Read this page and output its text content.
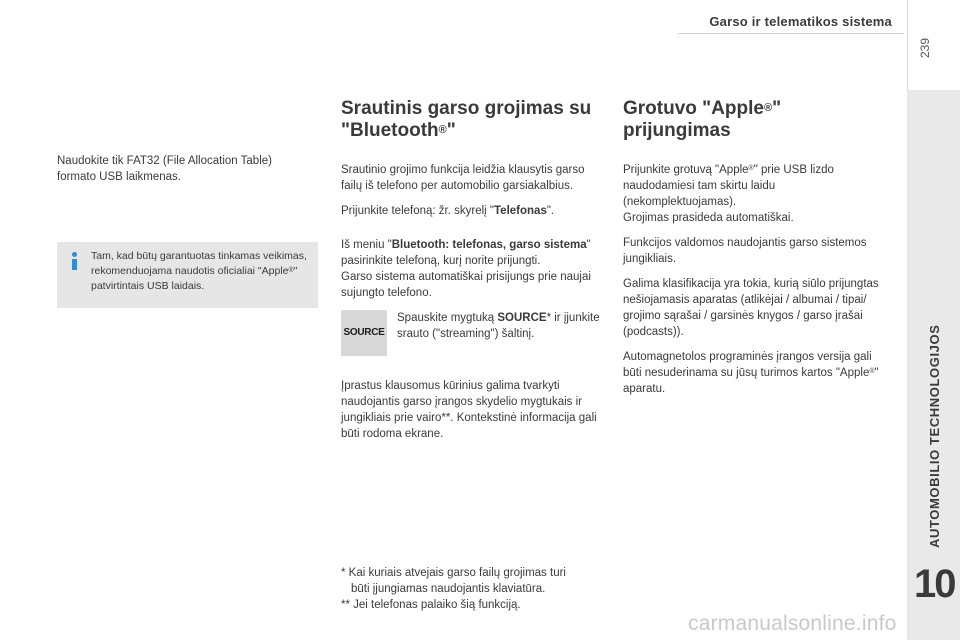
Garso ir telematikos sistema
239
AUTOMOBILIO TECHNOLOGIJOS
10

Naudokite tik FAT32 (File Allocation Table) formato USB laikmenas.

Tam, kad būtų garantuotas tinkamas veikimas, rekomenduojama naudotis oficialiai "Apple®" patvirtintais USB laidais.
Srautinis garso grojimas su
"Bluetooth®"

Srautinio grojimo funkcija leidžia klausytis garso failų iš telefono per automobilio garsiakalbius.

Prijunkite telefoną: žr. skyrelį "Telefonas".

Iš meniu "Bluetooth: telefonas, garso sistema" pasirinkite telefoną, kurį norite prijungti.

Garso sistema automatiškai prisijungs prie naujai sujungto telefono.

SOURCE
Spauskite mygtuką SOURCE* ir įjunkite srauto ("streaming") šaltinį.

Įprastus klausomus kūrinius galima tvarkyti naudojantis garso įrangos skydelio mygtukais ir jungikliais prie vairo**. Kontekstinė informacija gali būti rodoma ekrane.

* Kai kuriais atvejais garso failų grojimas turi
būti įjungiamas naudojantis klaviatūra.
** Jei telefonas palaiko šią funkciją.
Grotuvo "Apple®"
prijungimas

Prijunkite grotuvą "Apple®" prie USB lizdo naudodamiesi tam skirtu laidu (nekomplektuojamas).

Grojimas prasideda automatiškai.

Funkcijos valdomos naudojantis garso sistemos jungikliais.

Galima klasifikacija yra tokia, kurią siūlo prijungtas nešiojamasis aparatas (atlikėjai / albumai / tipai/ grojimo sąrašai / garsinės knygos / garso įrašai (podcasts)).

Automagnetolos programinės įrangos versija gali būti nesuderinama su jūsų turimos kartos "Apple®" aparatu.

carmanualsonline.info
